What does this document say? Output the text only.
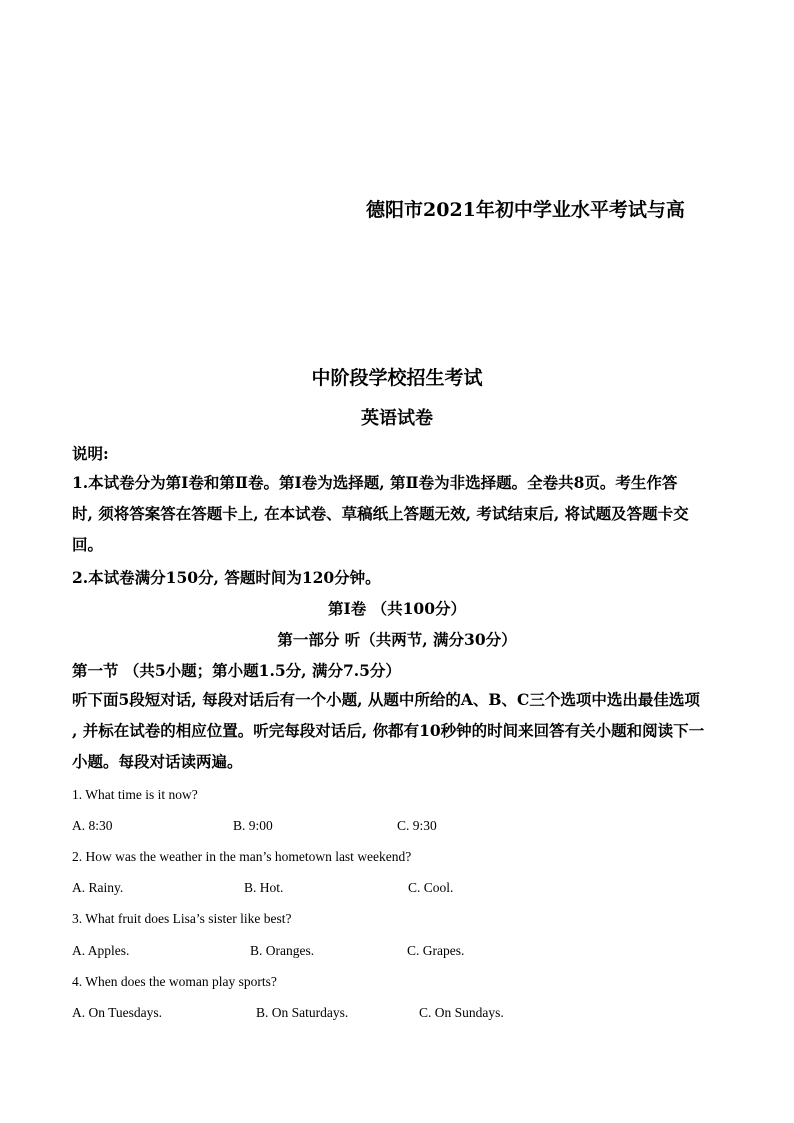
德阳市2021年初中学业水平考试与高
中阶段学校招生考试
英语试卷
说明:

1.本试卷分为第Ⅰ卷和第Ⅱ卷。第Ⅰ卷为选择题, 第Ⅱ卷为非选择题。全卷共8页。考生作答

时, 须将答案答在答题卡上, 在本试卷、草稿纸上答题无效, 考试结束后, 将试题及答题卡交

回。

2.本试卷满分150分, 答题时间为120分钟。
第Ⅰ卷 （共100分）
第一部分 听（共两节, 满分30分）
第一节 （共5小题；第小题1.5分, 满分7.5分）

听下面5段短对话, 每段对话后有一个小题, 从题中所给的A、B、C三个选项中选出最佳选项

, 并标在试卷的相应位置。听完每段对话后, 你都有10秒钟的时间来回答有关小题和阅读下一

小题。每段对话读两遍。

1. What time is it now?
A. 8:30	B. 9:00	C. 9:30
2. How was the weather in the man’s hometown last weekend?
A. Rainy.	B. Hot.	C. Cool.
3. What fruit does Lisa’s sister like best?
A. Apples.	B. Oranges.	C. Grapes.
4. When does the woman play sports?
A. On Tuesdays.	B. On Saturdays.	C. On Sundays.
